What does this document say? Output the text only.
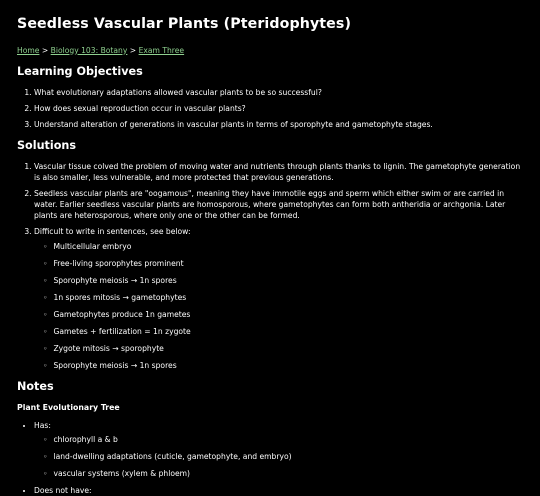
Seedless Vascular Plants (Pteridophytes)
Home > Biology 103: Botany > Exam Three
Learning Objectives
1. What evolutionary adaptations allowed vascular plants to be so successful?
2. How does sexual reproduction occur in vascular plants?
3. Understand alteration of generations in vascular plants in terms of sporophyte and gametophyte stages.
Solutions
1. Vascular tissue colved the problem of moving water and nutrients through plants thanks to lignin. The gametophyte generation is also smaller, less vulnerable, and more protected that previous generations.
2. Seedless vascular plants are "oogamous", meaning they have immotile eggs and sperm which either swim or are carried in water. Earlier seedless vascular plants are homosporous, where gametophytes can form both antheridia or archgonia. Later plants are heterosporous, where only one or the other can be formed.
3. Difficult to write in sentences, see below:
◦ Multicellular embryo
◦ Free-living sporophytes prominent
◦ Sporophyte meiosis → 1n spores
◦ 1n spores mitosis → gametophytes
◦ Gametophytes produce 1n gametes
◦ Gametes + fertilization = 1n zygote
◦ Zygote mitosis → sporophyte
◦ Sporophyte meiosis → 1n spores
Notes
Plant Evolutionary Tree
• Has:
◦ chlorophyll a & b
◦ land-dwelling adaptations (cuticle, gametophyte, and embryo)
◦ vascular systems (xylem & phloem)
• Does not have:
